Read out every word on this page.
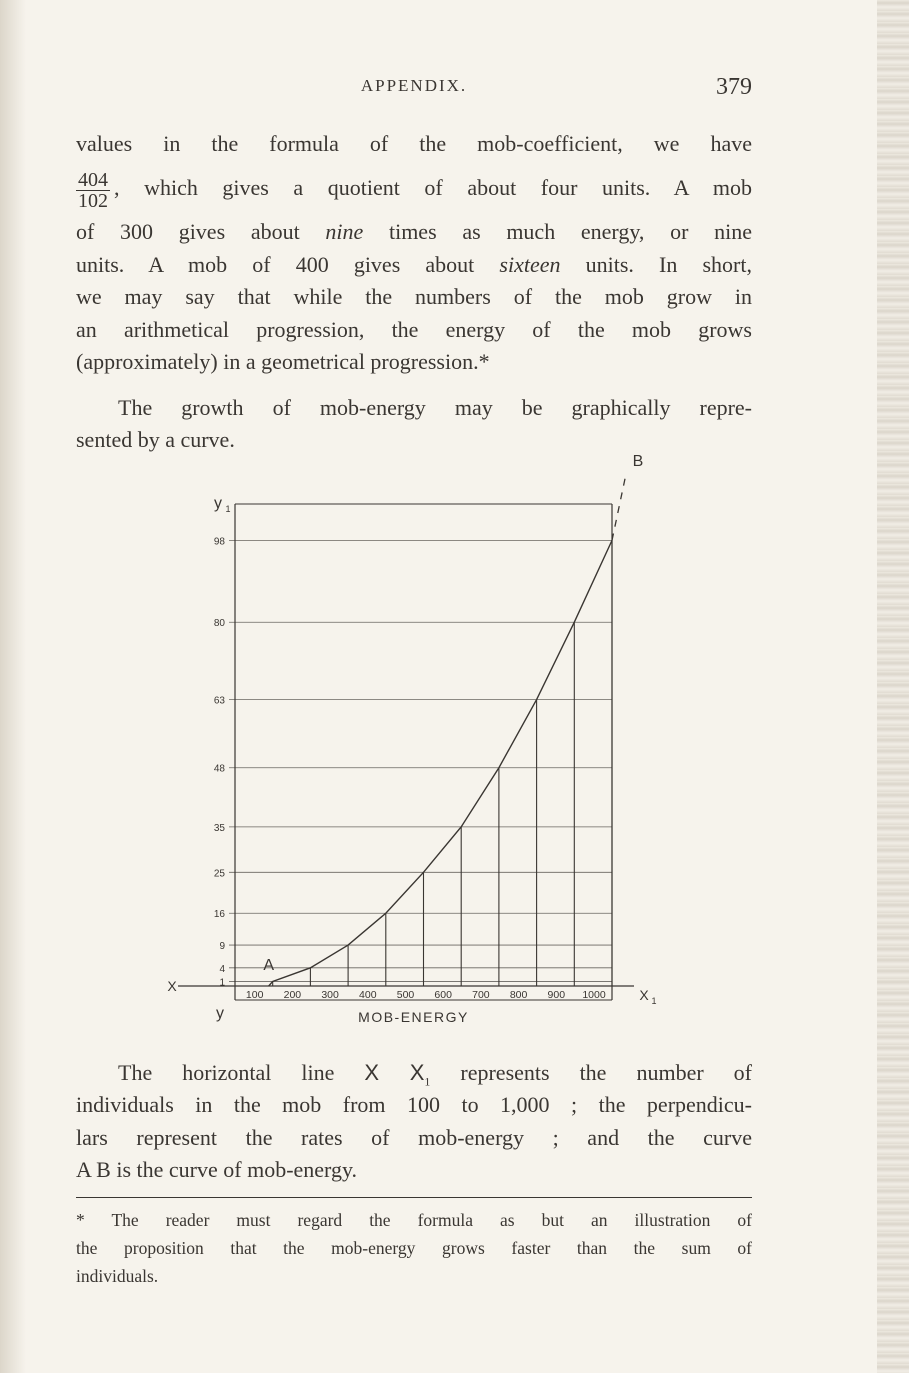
APPENDIX.	379
values in the formula of the mob-coefficient, we have
$\frac{404}{102}$ , which gives a quotient of about four units. A mob
of 300 gives about nine times as much energy, or nine
units. A mob of 400 gives about sixteen units. In short,
we may say that while the numbers of the mob grow in
an arithmetical progression, the energy of the mob grows
(approximately) in a geometrical progression.*
The growth of mob-energy may be graphically repre-
sented by a curve.
1
4
9
16
25
35
48
63
80
98
100 200 300 400 500 600 700 800 900 1000
A
B
X
X 1
y
y 1
MOB-ENERGY
The horizontal line X $X_1$ represents the number of
individuals in the mob from 100 to 1,000 ; the perpendicu-
lars represent the rates of mob-energy ; and the curve
A B is the curve of mob-energy.
* The reader must regard the formula as but an illustration of
the proposition that the mob-energy grows faster than the sum of
individuals.
